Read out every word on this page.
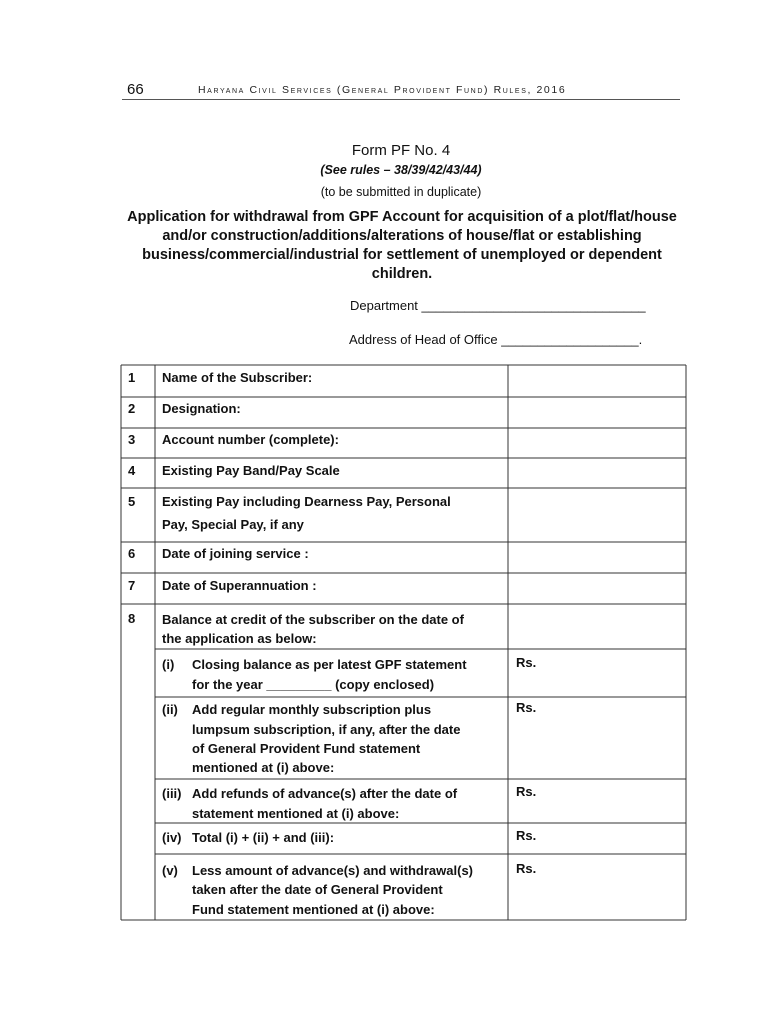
66	Haryana Civil Services (General Provident Fund) Rules, 2016
Form PF No. 4
(See rules – 38/39/42/43/44)
(to be submitted in duplicate)
Application for withdrawal from GPF Account for acquisition of a plot/flat/house and/or construction/additions/alterations of house/flat or establishing business/commercial/industrial for settlement of unemployed or dependent children.
Department _______________________________
Address of Head of Office ___________________.
1 Name of the Subscriber:
2 Designation:
3 Account number (complete):
4 Existing Pay Band/Pay Scale
5 Existing Pay including Dearness Pay, Personal
Pay, Special Pay, if any
6 Date of joining service :
7 Date of Superannuation :
8 Balance at credit of the subscriber on the date of
the application as below:
(i) Closing balance as per latest GPF statement
for the year _________ (copy enclosed)
Rs.
(ii) Add regular monthly subscription plus
lumpsum subscription, if any, after the date
of General Provident Fund statement
mentioned at (i) above:
Rs.
(iii) Add refunds of advance(s) after the date of
statement mentioned at (i) above:
Rs.
(iv) Total (i) + (ii) + and (iii):	Rs.
(v) Less amount of advance(s) and withdrawal(s)
taken after the date of General Provident
Fund statement mentioned at (i) above:
Rs.
